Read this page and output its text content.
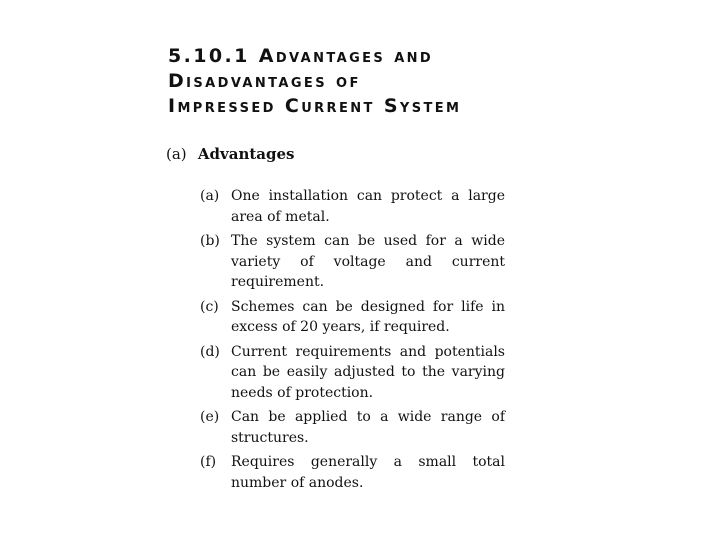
5.10.1 Advantages and
Disadvantages of
Impressed Current System
(a) Advantages
(a) One installation can protect a large area of metal.
(b) The system can be used for a wide variety of voltage and current requirement.
(c) Schemes can be designed for life in excess of 20 years, if required.
(d) Current requirements and potentials can be easily adjusted to the varying needs of protection.
(e) Can be applied to a wide range of structures.
(f) Requires generally a small total number of anodes.
